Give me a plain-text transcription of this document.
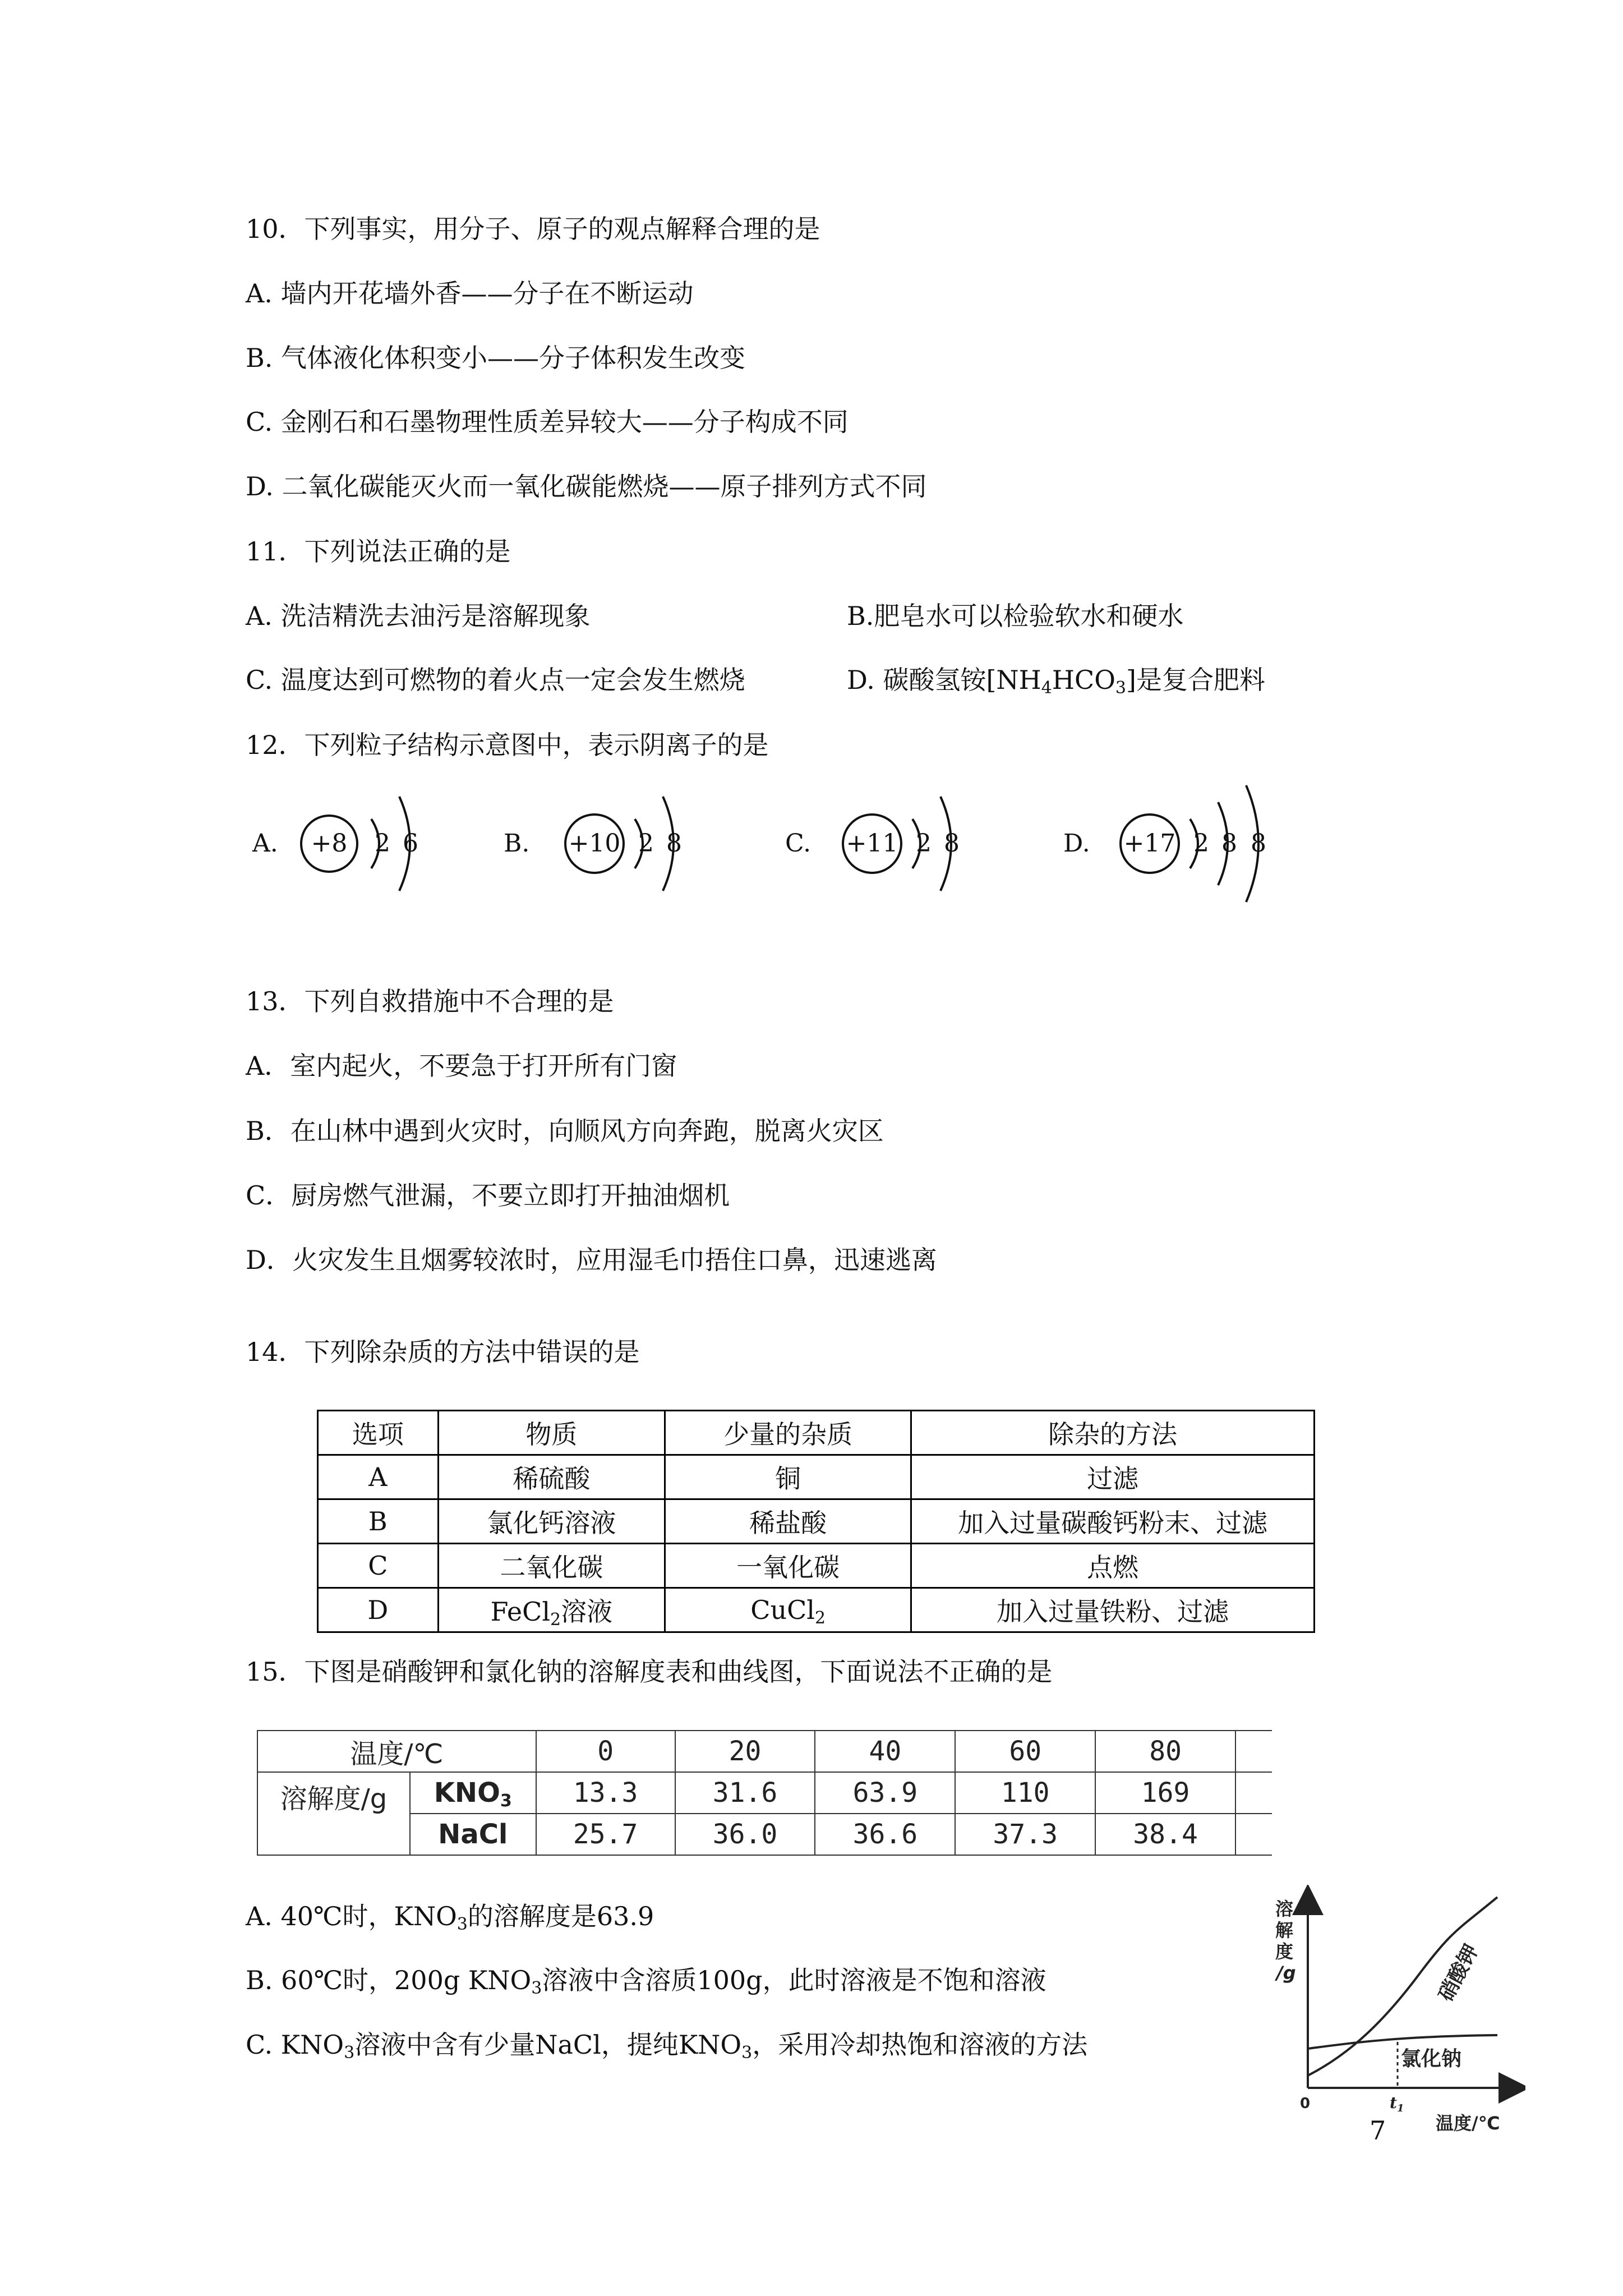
10．下列事实，用分子、原子的观点解释合理的是
A. 墙内开花墙外香——分子在不断运动
B. 气体液化体积变小——分子体积发生改变
C. 金刚石和石墨物理性质差异较大——分子构成不同
D. 二氧化碳能灭火而一氧化碳能燃烧——原子排列方式不同
11．下列说法正确的是
A. 洗洁精洗去油污是溶解现象	B.肥皂水可以检验软水和硬水
C. 温度达到可燃物的着火点一定会发生燃烧	D. 碳酸氢铵$[NH_4HCO_3]$是复合肥料
12．下列粒子结构示意图中，表示阴离子的是
A. +8 2 6	B. +10 2 8	C. +11 2 8	D. +17 2 8 8
13．下列自救措施中不合理的是
A．室内起火，不要急于打开所有门窗
B．在山林中遇到火灾时，向顺风方向奔跑，脱离火灾区
C．厨房燃气泄漏，不要立即打开抽油烟机
D．火灾发生且烟雾较浓时，应用湿毛巾捂住口鼻，迅速逃离
14．下列除杂质的方法中错误的是
选项	物质	少量的杂质	除杂的方法
A	稀硫酸	铜	过滤
B	氯化钙溶液	稀盐酸	加入过量碳酸钙粉末、过滤
C	二氧化碳	一氧化碳	点燃
D	FeCl$_2$溶液	CuCl$_2$	加入过量铁粉、过滤
15．下图是硝酸钾和氯化钠的溶解度表和曲线图，下面说法不正确的是
温度/℃		0	20	40	60	80	
溶解度/g	$KNO_3$	13.3	31.6	63.9	110	169	
	NaCl	25.7	36.0	36.6	37.3	38.4	
A. 40℃时，$KNO_3$的溶解度是63.9
B. 60℃时，200g $KNO_3$溶液中含溶质100g，此时溶液是不饱和溶液
C. $KNO_3$溶液中含有少量NaCl，提纯$KNO_3$，采用冷却热饱和溶液的方法
溶
解
度
/g	硝酸钾
氯化钠
0	$t_1$
温度/℃
7
